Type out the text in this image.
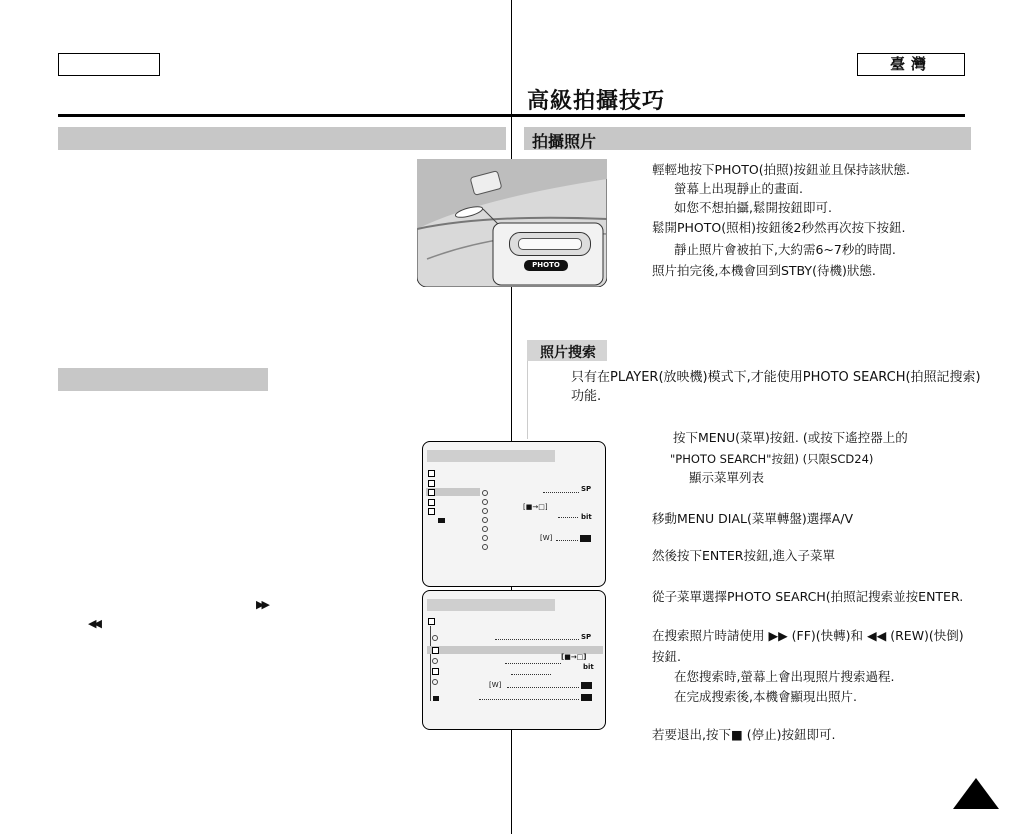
臺灣
高級拍攝技巧
▶▶
◀◀
PHOTO
SP
[■→□]
bit
[W]
SP
[■→□]
bit
[W]
拍攝照片
輕輕地按下PHOTO(拍照)按鈕並且保持該狀態.
螢幕上出現靜止的畫面.
如您不想拍攝,鬆開按鈕即可.
鬆開PHOTO(照相)按鈕後2秒然再次按下按鈕.
靜止照片會被拍下,大約需6~7秒的時間.
照片拍完後,本機會回到STBY(待機)狀態.
照片搜索
只有在PLAYER(放映機)模式下,才能使用PHOTO SEARCH(拍照記搜索)
功能.
按下MENU(菜單)按鈕. (或按下遙控器上的
"PHOTO SEARCH"按鈕) (只限SCD24)
顯示菜單列表
移動MENU DIAL(菜單轉盤)選擇A/V
然後按下ENTER按鈕,進入子菜單
從子菜單選擇PHOTO SEARCH(拍照記搜索並按ENTER.
在搜索照片時請使用 ▶▶ (FF)(快轉)和 ◀◀ (REW)(快倒)
按鈕.
在您搜索時,螢幕上會出現照片搜索過程.
在完成搜索後,本機會顯現出照片.
若要退出,按下■ (停止)按鈕即可.
